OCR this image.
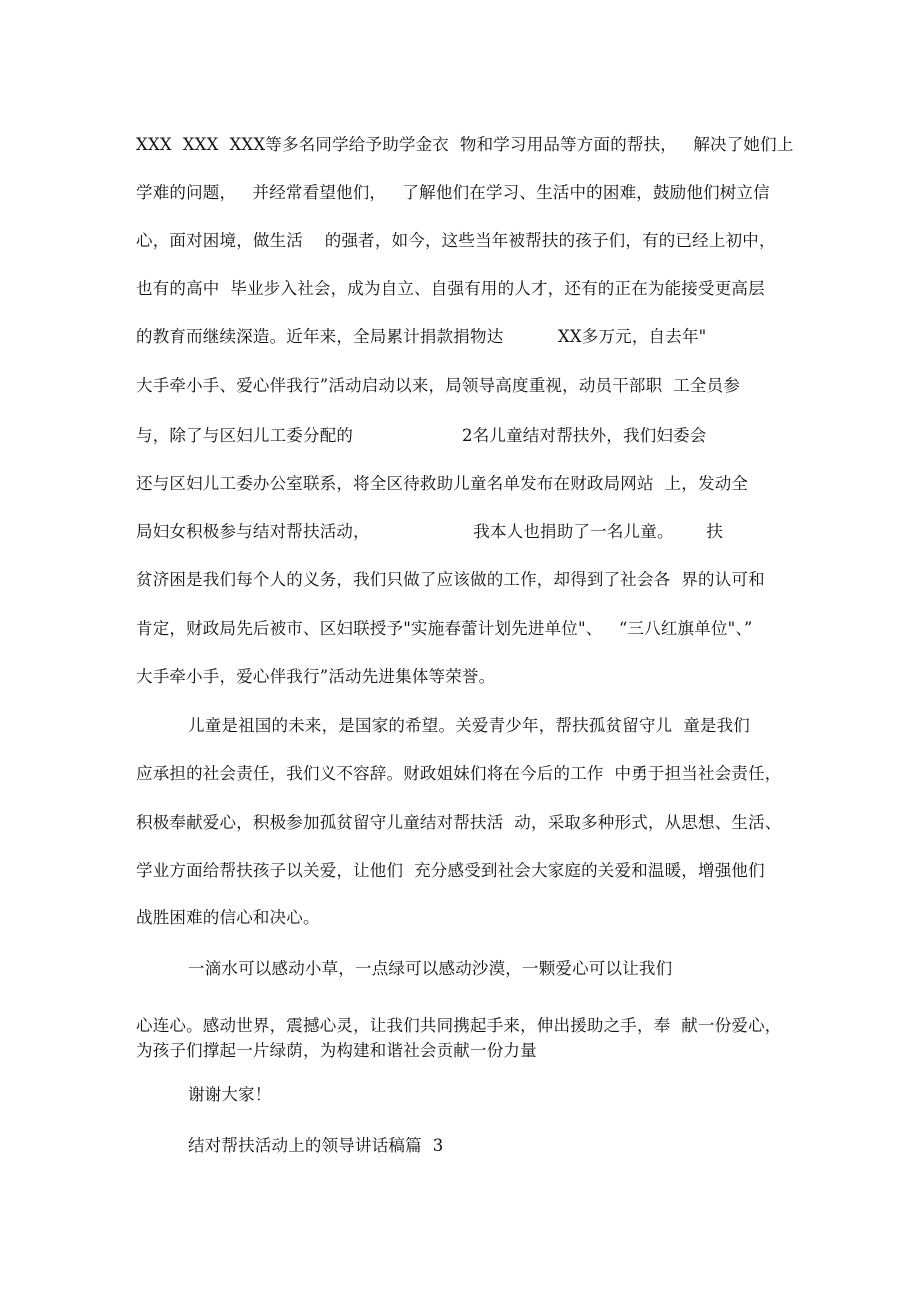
XXX  XXX  XXX等多名同学给予助学金衣  物和学习用品等方面的帮扶，   解决了她们上
学难的问题，   并经常看望他们，   了解他们在学习、生活中的困难，鼓励他们树立信
心，面对困境，做生活    的强者，如今，这些当年被帮扶的孩子们，有的已经上初中，
也有的高中  毕业步入社会，成为自立、自强有用的人才，还有的正在为能接受更高层
的教育而继续深造。近年来，全局累计捐款捐物达          XX多万元，自去年"
大手牵小手、爱心伴我行”活动启动以来，局领导高度重视，动员干部职  工全员参
与，除了与区妇儿工委分配的                    2名儿童结对帮扶外，我们妇委会
还与区妇儿工委办公室联系，将全区待救助儿童名单发布在财政局网站  上，发动全
局妇女积极参与结对帮扶活动，                   我本人也捐助了一名儿童。      扶
贫济困是我们每个人的义务，我们只做了应该做的工作，却得到了社会各  界的认可和
肯定，财政局先后被市、区妇联授予"实施春蕾计划先进单位"、   “三八红旗单位"、”
大手牵小手，爱心伴我行”活动先进集体等荣誉。
儿童是祖国的未来，是国家的希望。关爱青少年，帮扶孤贫留守儿  童是我们
应承担的社会责任，我们义不容辞。财政姐妹们将在今后的工作  中勇于担当社会责任，
积极奉献爱心，积极参加孤贫留守儿童结对帮扶活  动，采取多种形式，从思想、生活、
学业方面给帮扶孩子以关爱，让他们  充分感受到社会大家庭的关爱和温暖，增强他们
战胜困难的信心和决心。
一滴水可以感动小草，一点绿可以感动沙漠，一颗爱心可以让我们
心连心。感动世界，震撼心灵，让我们共同携起手来，伸出援助之手，奉  献一份爱心，
为孩子们撑起一片绿荫，为构建和谐社会贡献一份力量
谢谢大家！
结对帮扶活动上的领导讲话稿篇  3
